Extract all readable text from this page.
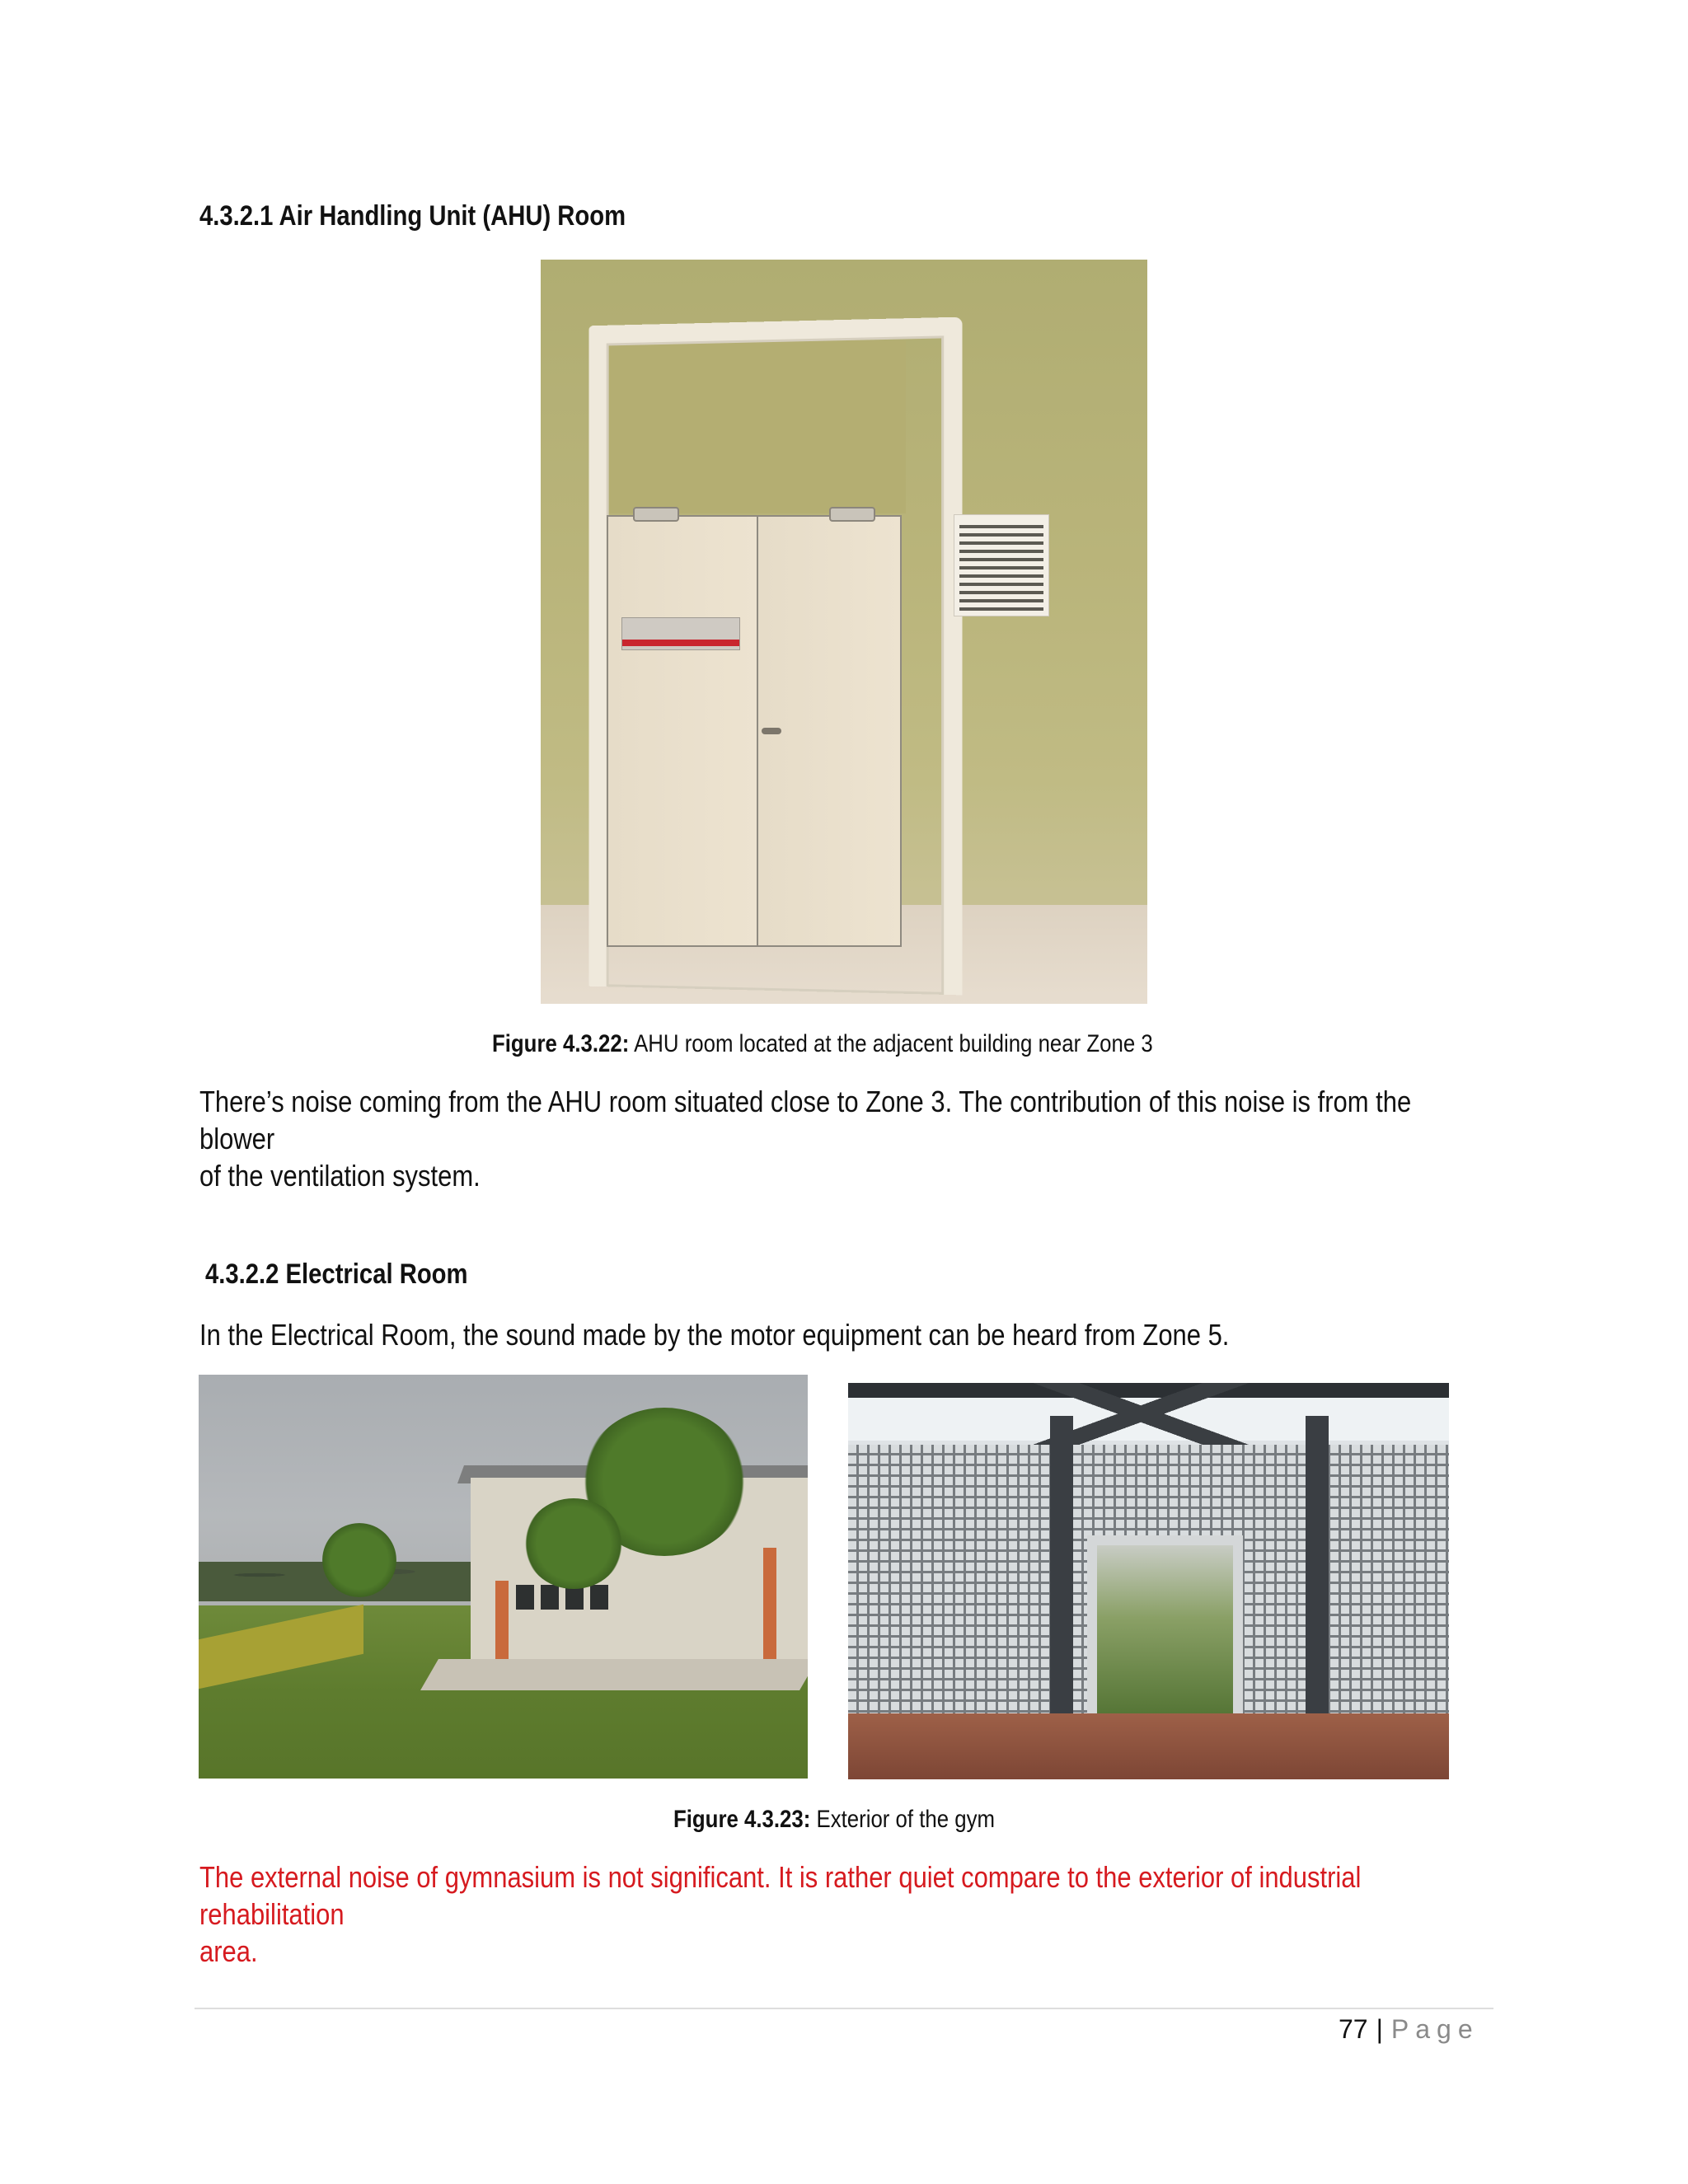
4.3.2.1 Air Handling Unit (AHU) Room
Figure 4.3.22: AHU room located at the adjacent building near Zone 3
There’s noise coming from the AHU room situated close to Zone 3. The contribution of this noise is from the blower
of the ventilation system.
4.3.2.2 Electrical Room
In the Electrical Room, the sound made by the motor equipment can be heard from Zone 5.
Figure 4.3.23: Exterior of the gym
The external noise of gymnasium is not significant. It is rather quiet compare to the exterior of industrial rehabilitation
area.
77 | Page
